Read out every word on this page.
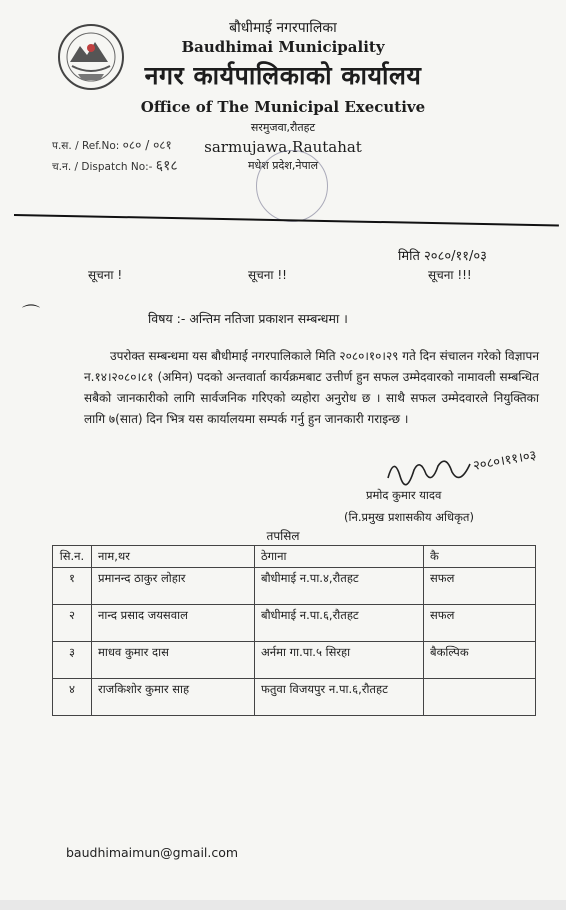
बौधीमाई नगरपालिका
Baudhimai Municipality
नगर कार्यपालिकाको कार्यालय
Office of The Municipal Executive
सरमुजवा,रौतहट
sarmujawa,Rautahat
मधेश प्रदेश,नेपाल
प.स. / Ref.No: ०८० / ०८१
च.न. / Dispatch No:- ६१८
मिति २०८०/११/०३
सूचना !	सूचना !!	सूचना !!!
⌒	विषय :- अन्तिम नतिजा प्रकाशन सम्बन्धमा ।

उपरोक्त सम्बन्धमा यस बौधीमाई नगरपालिकाले मिति २०८०।१०।२९ गते दिन संचालन गरेको विज्ञापन न.१४।२०८०।८१ (अमिन) पदको अन्तवार्ता कार्यक्रमबाट उत्तीर्ण हुन सफल उम्मेदवारको नामावली सम्बन्धित सबैको जानकारीको लागि सार्वजनिक गरिएको व्यहोरा अनुरोध छ । साथै सफल उम्मेदवारले नियुक्तिका लागि ७(सात) दिन भित्र यस कार्यालयमा सम्पर्क गर्नु हुन जानकारी गराइन्छ ।

२०८०।११।०३
प्रमोद कुमार यादव
(नि.प्रमुख प्रशासकीय अधिकृत)
तपसिल
सि.न.	नाम,थर	ठेगाना	कै
१	प्रमानन्द ठाकुर लोहार	बौधीमाई न.पा.४,रौतहट	सफल
२	नान्द प्रसाद जयसवाल	बौधीमाई न.पा.६,रौतहट	सफल
३	माधव कुमार दास	अर्नमा गा.पा.५ सिरहा	बैकल्पिक
४	राजकिशोर कुमार साह	फतुवा विजयपुर न.पा.६,रौतहट	
baudhimaimun@gmail.com
